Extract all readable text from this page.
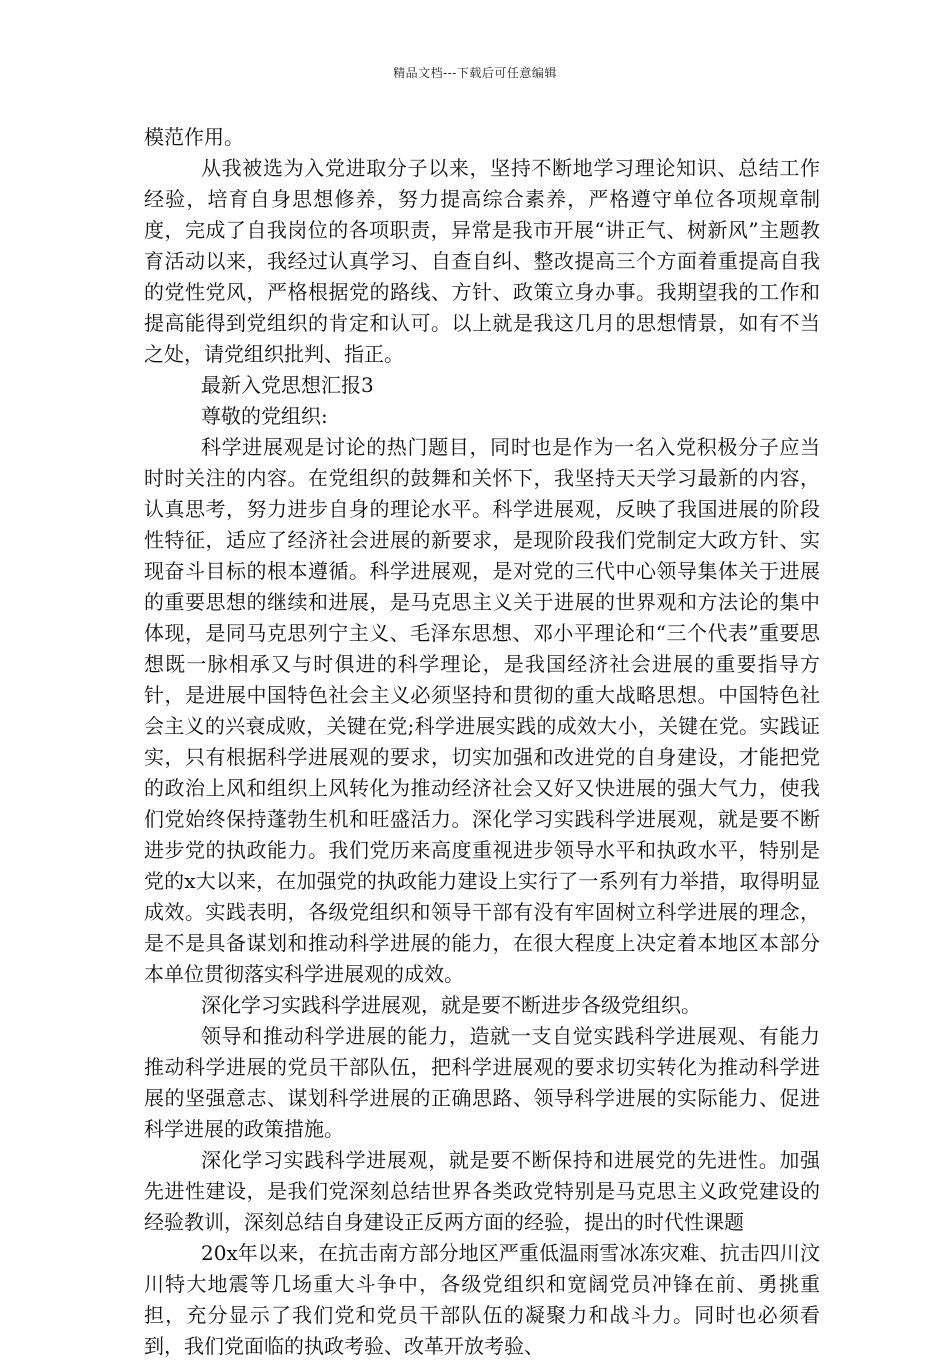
精品文档---下载后可任意编辑

模范作用。

从我被选为入党进取分子以来，坚持不断地学习理论知识、总结工作经验，培育自身思想修养，努力提高综合素养，严格遵守单位各项规章制度，完成了自我岗位的各项职责，异常是我市开展“讲正气、树新风”主题教育活动以来，我经过认真学习、自查自纠、整改提高三个方面着重提高自我的党性党风，严格根据党的路线、方针、政策立身办事。我期望我的工作和提高能得到党组织的肯定和认可。以上就是我这几月的思想情景，如有不当之处，请党组织批判、指正。

最新入党思想汇报3

尊敬的党组织:

科学进展观是讨论的热门题目，同时也是作为一名入党积极分子应当时时关注的内容。在党组织的鼓舞和关怀下，我坚持天天学习最新的内容，认真思考，努力进步自身的理论水平。科学进展观，反映了我国进展的阶段性特征，适应了经济社会进展的新要求，是现阶段我们党制定大政方针、实现奋斗目标的根本遵循。科学进展观，是对党的三代中心领导集体关于进展的重要思想的继续和进展，是马克思主义关于进展的世界观和方法论的集中体现，是同马克思列宁主义、毛泽东思想、邓小平理论和“三个代表”重要思想既一脉相承又与时俱进的科学理论，是我国经济社会进展的重要指导方针，是进展中国特色社会主义必须坚持和贯彻的重大战略思想。中国特色社会主义的兴衰成败，关键在党;科学进展实践的成效大小，关键在党。实践证实，只有根据科学进展观的要求，切实加强和改进党的自身建设，才能把党的政治上风和组织上风转化为推动经济社会又好又快进展的强大气力，使我们党始终保持蓬勃生机和旺盛活力。深化学习实践科学进展观，就是要不断进步党的执政能力。我们党历来高度重视进步领导水平和执政水平，特别是党的x大以来，在加强党的执政能力建设上实行了一系列有力举措，取得明显成效。实践表明，各级党组织和领导干部有没有牢固树立科学进展的理念，是不是具备谋划和推动科学进展的能力，在很大程度上决定着本地区本部分本单位贯彻落实科学进展观的成效。

深化学习实践科学进展观，就是要不断进步各级党组织。

领导和推动科学进展的能力，造就一支自觉实践科学进展观、有能力推动科学进展的党员干部队伍，把科学进展观的要求切实转化为推动科学进展的坚强意志、谋划科学进展的正确思路、领导科学进展的实际能力、促进科学进展的政策措施。

深化学习实践科学进展观，就是要不断保持和进展党的先进性。加强先进性建设，是我们党深刻总结世界各类政党特别是马克思主义政党建设的经验教训，深刻总结自身建设正反两方面的经验，提出的时代性课题

20x年以来，在抗击南方部分地区严重低温雨雪冰冻灾难、抗击四川汶川特大地震等几场重大斗争中，各级党组织和宽阔党员冲锋在前、勇挑重担，充分显示了我们党和党员干部队伍的凝聚力和战斗力。同时也必须看到，我们党面临的执政考验、改革开放考验、
